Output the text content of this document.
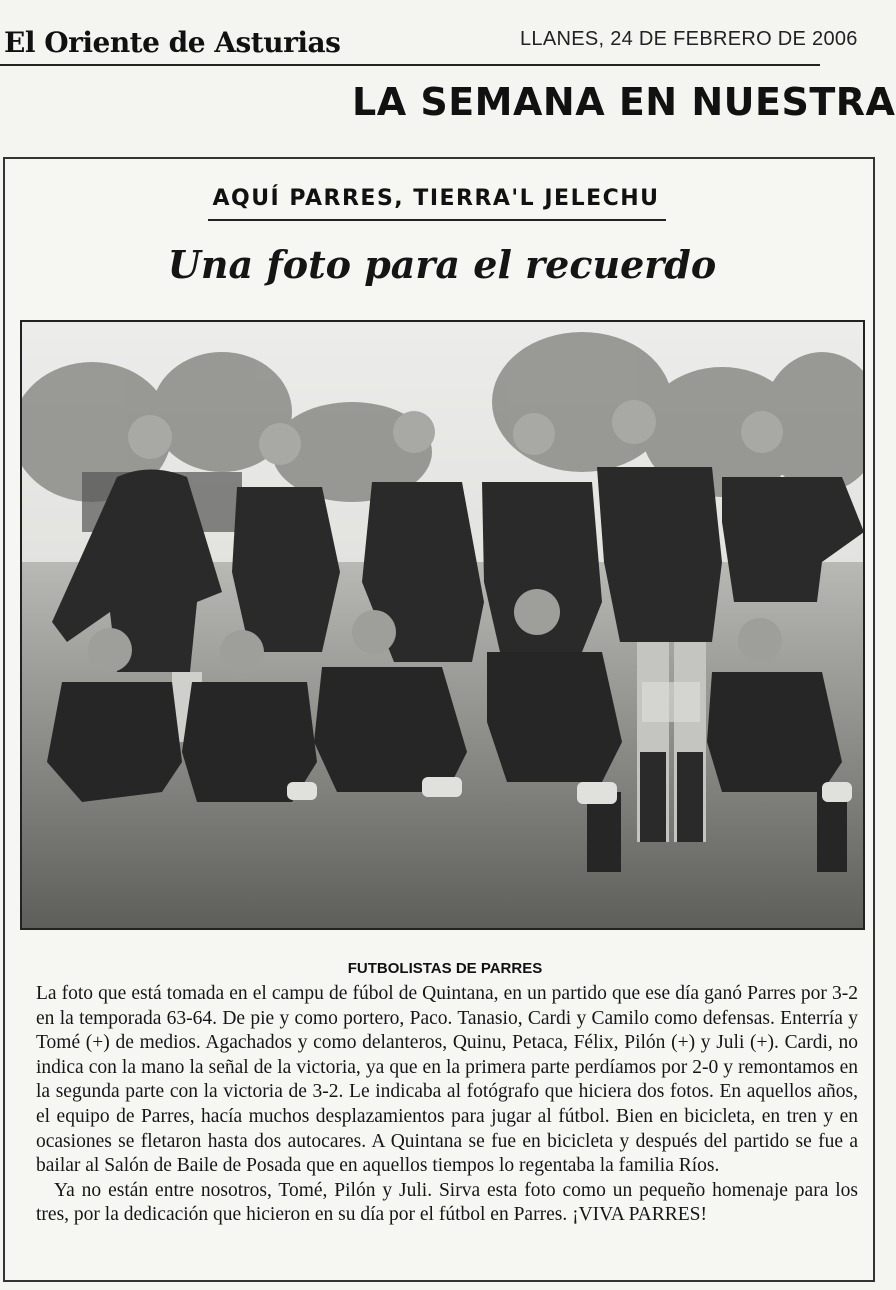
El Oriente de Asturias	LLANES, 24 DE FEBRERO DE 2006
LA SEMANA EN NUESTRA
AQUÍ PARRES, TIERRA'L JELECHU
Una foto para el recuerdo
FUTBOLISTAS DE PARRES

La foto que está tomada en el campu de fúbol de Quintana, en un partido que ese día ganó Parres por 3-2 en la temporada 63-64. De pie y como portero, Paco. Tanasio, Cardi y Camilo como defensas. Enterría y Tomé (+) de medios. Agachados y como delanteros, Quinu, Petaca, Félix, Pilón (+) y Juli (+). Cardi, no indica con la mano la señal de la victoria, ya que en la primera parte perdíamos por 2-0 y remontamos en la segunda parte con la victoria de 3-2. Le indicaba al fotógrafo que hiciera dos fotos. En aquellos años, el equipo de Parres, hacía muchos desplazamientos para jugar al fútbol. Bien en bicicleta, en tren y en ocasiones se fletaron hasta dos autocares. A Quintana se fue en bicicleta y después del partido se fue a bailar al Salón de Baile de Posada que en aquellos tiempos lo regentaba la familia Ríos.

Ya no están entre nosotros, Tomé, Pilón y Juli. Sirva esta foto como un pequeño homenaje para los tres, por la dedicación que hicieron en su día por el fútbol en Parres. ¡VIVA PARRES!
